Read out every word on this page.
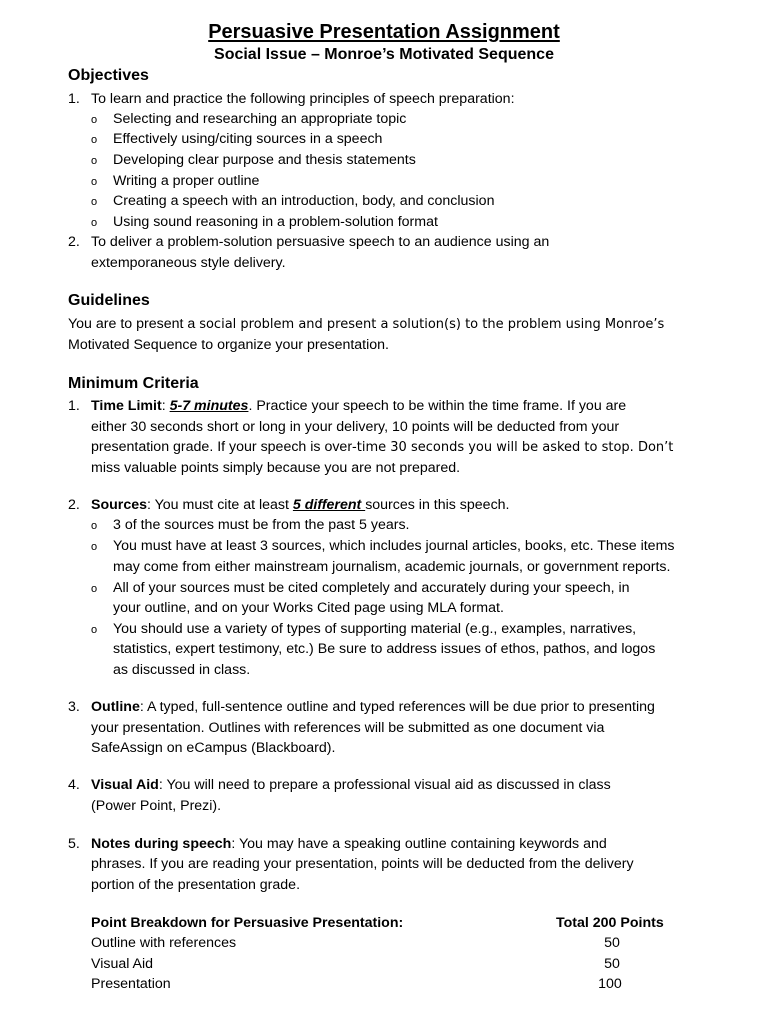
Persuasive Presentation Assignment
Social Issue – Monroe’s Motivated Sequence
Objectives
1. To learn and practice the following principles of speech preparation:
o Selecting and researching an appropriate topic
o Effectively using/citing sources in a speech
o Developing clear purpose and thesis statements
o Writing a proper outline
o Creating a speech with an introduction, body, and conclusion
o Using sound reasoning in a problem-solution format
2. To deliver a problem-solution persuasive speech to an audience using an
extemporaneous style delivery.
Guidelines
You are to present a social problem and present a solution(s) to the problem using Monroe’s
Motivated Sequence to organize your presentation.
Minimum Criteria
1. Time Limit: 5-7 minutes. Practice your speech to be within the time frame. If you are
either 30 seconds short or long in your delivery, 10 points will be deducted from your
presentation grade. If your speech is over-time 30 seconds you will be asked to stop. Don’t
miss valuable points simply because you are not prepared.
2. Sources: You must cite at least 5 different sources in this speech.
o 3 of the sources must be from the past 5 years.
o You must have at least 3 sources, which includes journal articles, books, etc. These items
may come from either mainstream journalism, academic journals, or government reports.
o All of your sources must be cited completely and accurately during your speech, in
your outline, and on your Works Cited page using MLA format.
o You should use a variety of types of supporting material (e.g., examples, narratives,
statistics, expert testimony, etc.) Be sure to address issues of ethos, pathos, and logos
as discussed in class.
3. Outline: A typed, full-sentence outline and typed references will be due prior to presenting
your presentation. Outlines with references will be submitted as one document via
SafeAssign on eCampus (Blackboard).
4. Visual Aid: You will need to prepare a professional visual aid as discussed in class
(Power Point, Prezi).
5. Notes during speech: You may have a speaking outline containing keywords and
phrases. If you are reading your presentation, points will be deducted from the delivery
portion of the presentation grade.
Point Breakdown for Persuasive Presentation:	Total 200 Points
Outline with references	50
Visual Aid	50
Presentation	100
